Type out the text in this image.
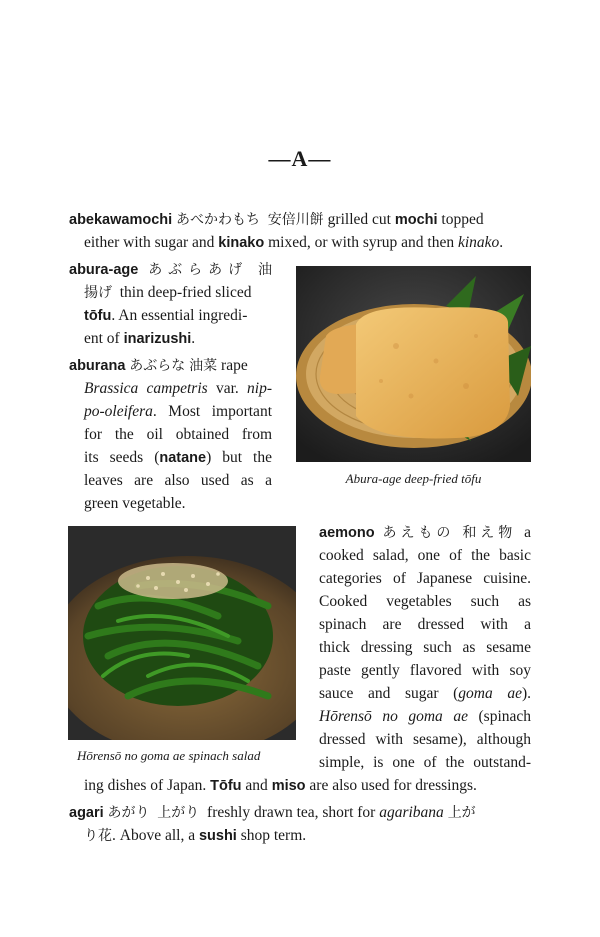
—A—
abekawamochi あべかわもち 安倍川餅 grilled cut mochi topped
either with sugar and kinako mixed, or with syrup and then kinako.
abura-age あぶらあげ 油
揚げ thin deep-fried sliced
tōfu. An essential ingredi-
ent of inarizushi.
aburana あぶらな 油菜 rape
Brassica campetris var. nip-
po-oleifera. Most important
for the oil obtained from
its seeds (natane) but the
leaves are also used as a
green vegetable.
Abura-age deep-fried tōfu
Hōrensō no goma ae spinach salad
aemono あえもの 和え物 a
cooked salad, one of the basic
categories of Japanese cuisine.
Cooked vegetables such as
spinach are dressed with a
thick dressing such as sesame
paste gently flavored with soy
sauce and sugar (goma ae).
Hōrensō no goma ae (spinach
dressed with sesame), although
simple, is one of the outstand-
ing dishes of Japan. Tōfu and miso are also used for dressings.
agari あがり 上がり freshly drawn tea, short for agaribana 上が
り花. Above all, a sushi shop term.
